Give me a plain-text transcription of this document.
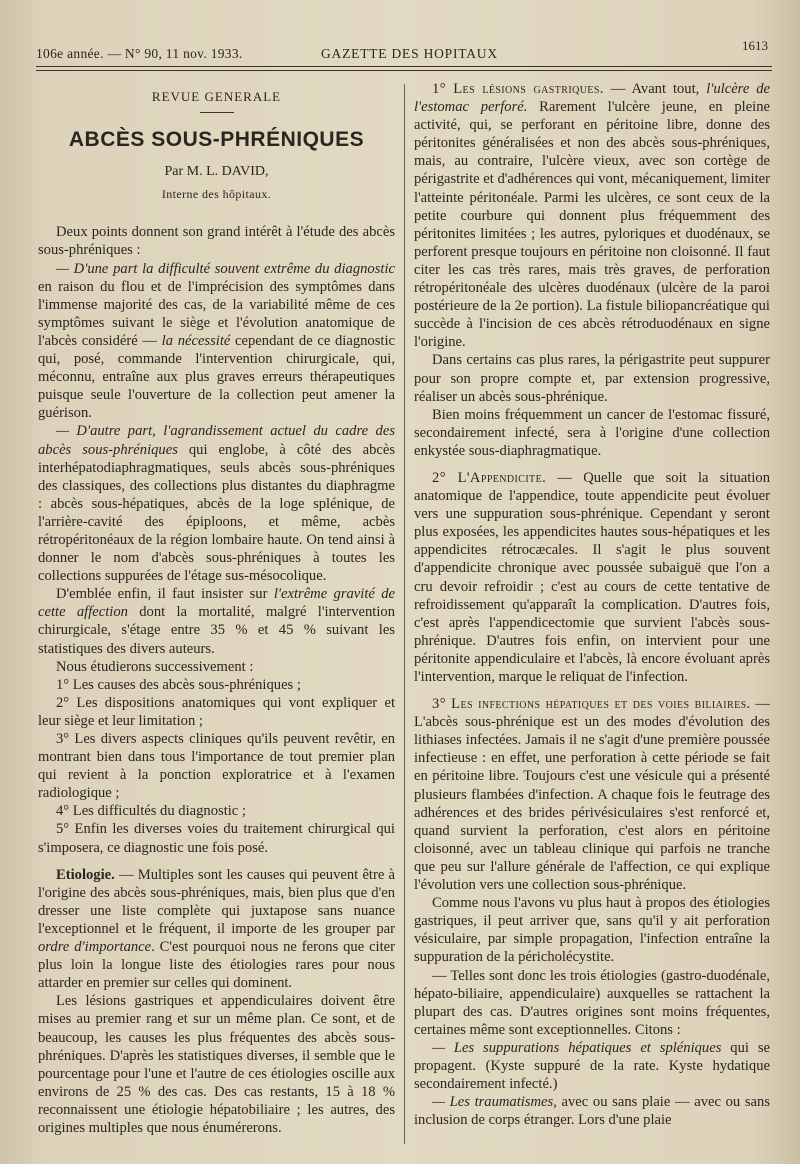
106e année. — N° 90, 11 nov. 1933.	GAZETTE DES HOPITAUX
1613
REVUE GENERALE
ABCÈS SOUS-PHRÉNIQUES
Par M. L. DAVID,
Interne des hôpitaux.

Deux points donnent son grand intérêt à l'étude des abcès sous-phréniques :

— D'une part la difficulté souvent extrême du diagnostic en raison du flou et de l'imprécision des symptômes dans l'immense majorité des cas, de la variabilité même de ces symptômes suivant le siège et l'évolution anatomique de l'abcès considéré — la nécessité cependant de ce diagnostic qui, posé, commande l'intervention chirurgicale, qui, méconnu, entraîne aux plus graves erreurs thérapeutiques puisque seule l'ouverture de la collection peut amener la guérison.

— D'autre part, l'agrandissement actuel du cadre des abcès sous-phréniques qui englobe, à côté des abcès interhépatodiaphragmatiques, seuls abcès sous-phréniques des classiques, des collections plus distantes du diaphragme : abcès sous-hépatiques, abcès de la loge splénique, de l'arrière-cavité des épiploons, et même, acbès rétropéritonéaux de la région lombaire haute. On tend ainsi à donner le nom d'abcès sous-phréniques à toutes les collections suppurées de l'étage sus-mésocolique.

D'emblée enfin, il faut insister sur l'extrême gravité de cette affection dont la mortalité, malgré l'intervention chirurgicale, s'étage entre 35 % et 45 % suivant les statistiques des divers auteurs.

Nous étudierons successivement :

1° Les causes des abcès sous-phréniques ;

2° Les dispositions anatomiques qui vont expliquer et leur siège et leur limitation ;

3° Les divers aspects cliniques qu'ils peuvent revêtir, en montrant bien dans tous l'importance de tout premier plan qui revient à la ponction exploratrice et à l'examen radiologique ;

4° Les difficultés du diagnostic ;

5° Enfin les diverses voies du traitement chirurgical qui s'imposera, ce diagnostic une fois posé.

Etiologie. — Multiples sont les causes qui peuvent être à l'origine des abcès sous-phréniques, mais, bien plus que d'en dresser une liste complète qui juxtapose sans nuance l'exceptionnel et le fréquent, il importe de les grouper par ordre d'importance. C'est pourquoi nous ne ferons que citer plus loin la longue liste des étiologies rares pour nous attarder en premier sur celles qui dominent.

Les lésions gastriques et appendiculaires doivent être mises au premier rang et sur un même plan. Ce sont, et de beaucoup, les causes les plus fréquentes des abcès sous-phréniques. D'après les statistiques diverses, il semble que le pourcentage pour l'une et l'autre de ces étiologies oscille aux environs de 25 % des cas. Des cas restants, 15 à 18 % reconnaissent une étiologie hépatobiliaire ; les autres, des origines multiples que nous énumérerons.

1° Les lésions gastriques. — Avant tout, l'ulcère de l'estomac perforé. Rarement l'ulcère jeune, en pleine activité, qui, se perforant en péritoine libre, donne des péritonites généralisées et non des abcès sous-phréniques, mais, au contraire, l'ulcère vieux, avec son cortège de périgastrite et d'adhérences qui vont, mécaniquement, limiter l'atteinte péritonéale. Parmi les ulcères, ce sont ceux de la petite courbure qui donnent plus fréquemment des péritonites limitées ; les autres, pyloriques et duodénaux, se perforent presque toujours en péritoine non cloisonné. Il faut citer les cas très rares, mais très graves, de perforation rétropéritonéale des ulcères duodénaux (ulcère de la paroi postérieure de la 2e portion). La fistule biliopancréatique qui succède à l'incision de ces abcès rétroduodénaux en signe l'origine.

Dans certains cas plus rares, la périgastrite peut suppurer pour son propre compte et, par extension progressive, réaliser un abcès sous-phrénique.

Bien moins fréquemment un cancer de l'estomac fissuré, secondairement infecté, sera à l'origine d'une collection enkystée sous-diaphragmatique.

2° L'Appendicite. — Quelle que soit la situation anatomique de l'appendice, toute appendicite peut évoluer vers une suppuration sous-phrénique. Cependant y seront plus exposées, les appendicites hautes sous-hépatiques et les appendicites rétrocæcales. Il s'agit le plus souvent d'appendicite chronique avec poussée subaiguë que l'on a cru devoir refroidir ; c'est au cours de cette tentative de refroidissement qu'apparaît la complication. D'autres fois, c'est après l'appendicectomie que survient l'abcès sous-phrénique. D'autres fois enfin, on intervient pour une péritonite appendiculaire et l'abcès, là encore évoluant après l'intervention, marque le reliquat de l'infection.

3° Les infections hépatiques et des voies biliaires. — L'abcès sous-phrénique est un des modes d'évolution des lithiases infectées. Jamais il ne s'agit d'une première poussée infectieuse : en effet, une perforation à cette période se fait en péritoine libre. Toujours c'est une vésicule qui a présenté plusieurs flambées d'infection. A chaque fois le feutrage des adhérences et des brides périvésiculaires s'est renforcé et, quand survient la perforation, c'est alors en péritoine cloisonné, avec un tableau clinique qui parfois ne tranche que peu sur l'allure générale de l'affection, ce qui explique l'évolution vers une collection sous-phrénique.

Comme nous l'avons vu plus haut à propos des étiologies gastriques, il peut arriver que, sans qu'il y ait perforation vésiculaire, par simple propagation, l'infection entraîne la suppuration de la péricholécystite.

— Telles sont donc les trois étiologies (gastro-duodénale, hépato-biliaire, appendiculaire) auxquelles se rattachent la plupart des cas. D'autres origines sont moins fréquentes, certaines même sont exceptionnelles. Citons :

— Les suppurations hépatiques et spléniques qui se propagent. (Kyste suppuré de la rate. Kyste hydatique secondairement infecté.)

— Les traumatismes, avec ou sans plaie — avec ou sans inclusion de corps étranger. Lors d'une plaie
